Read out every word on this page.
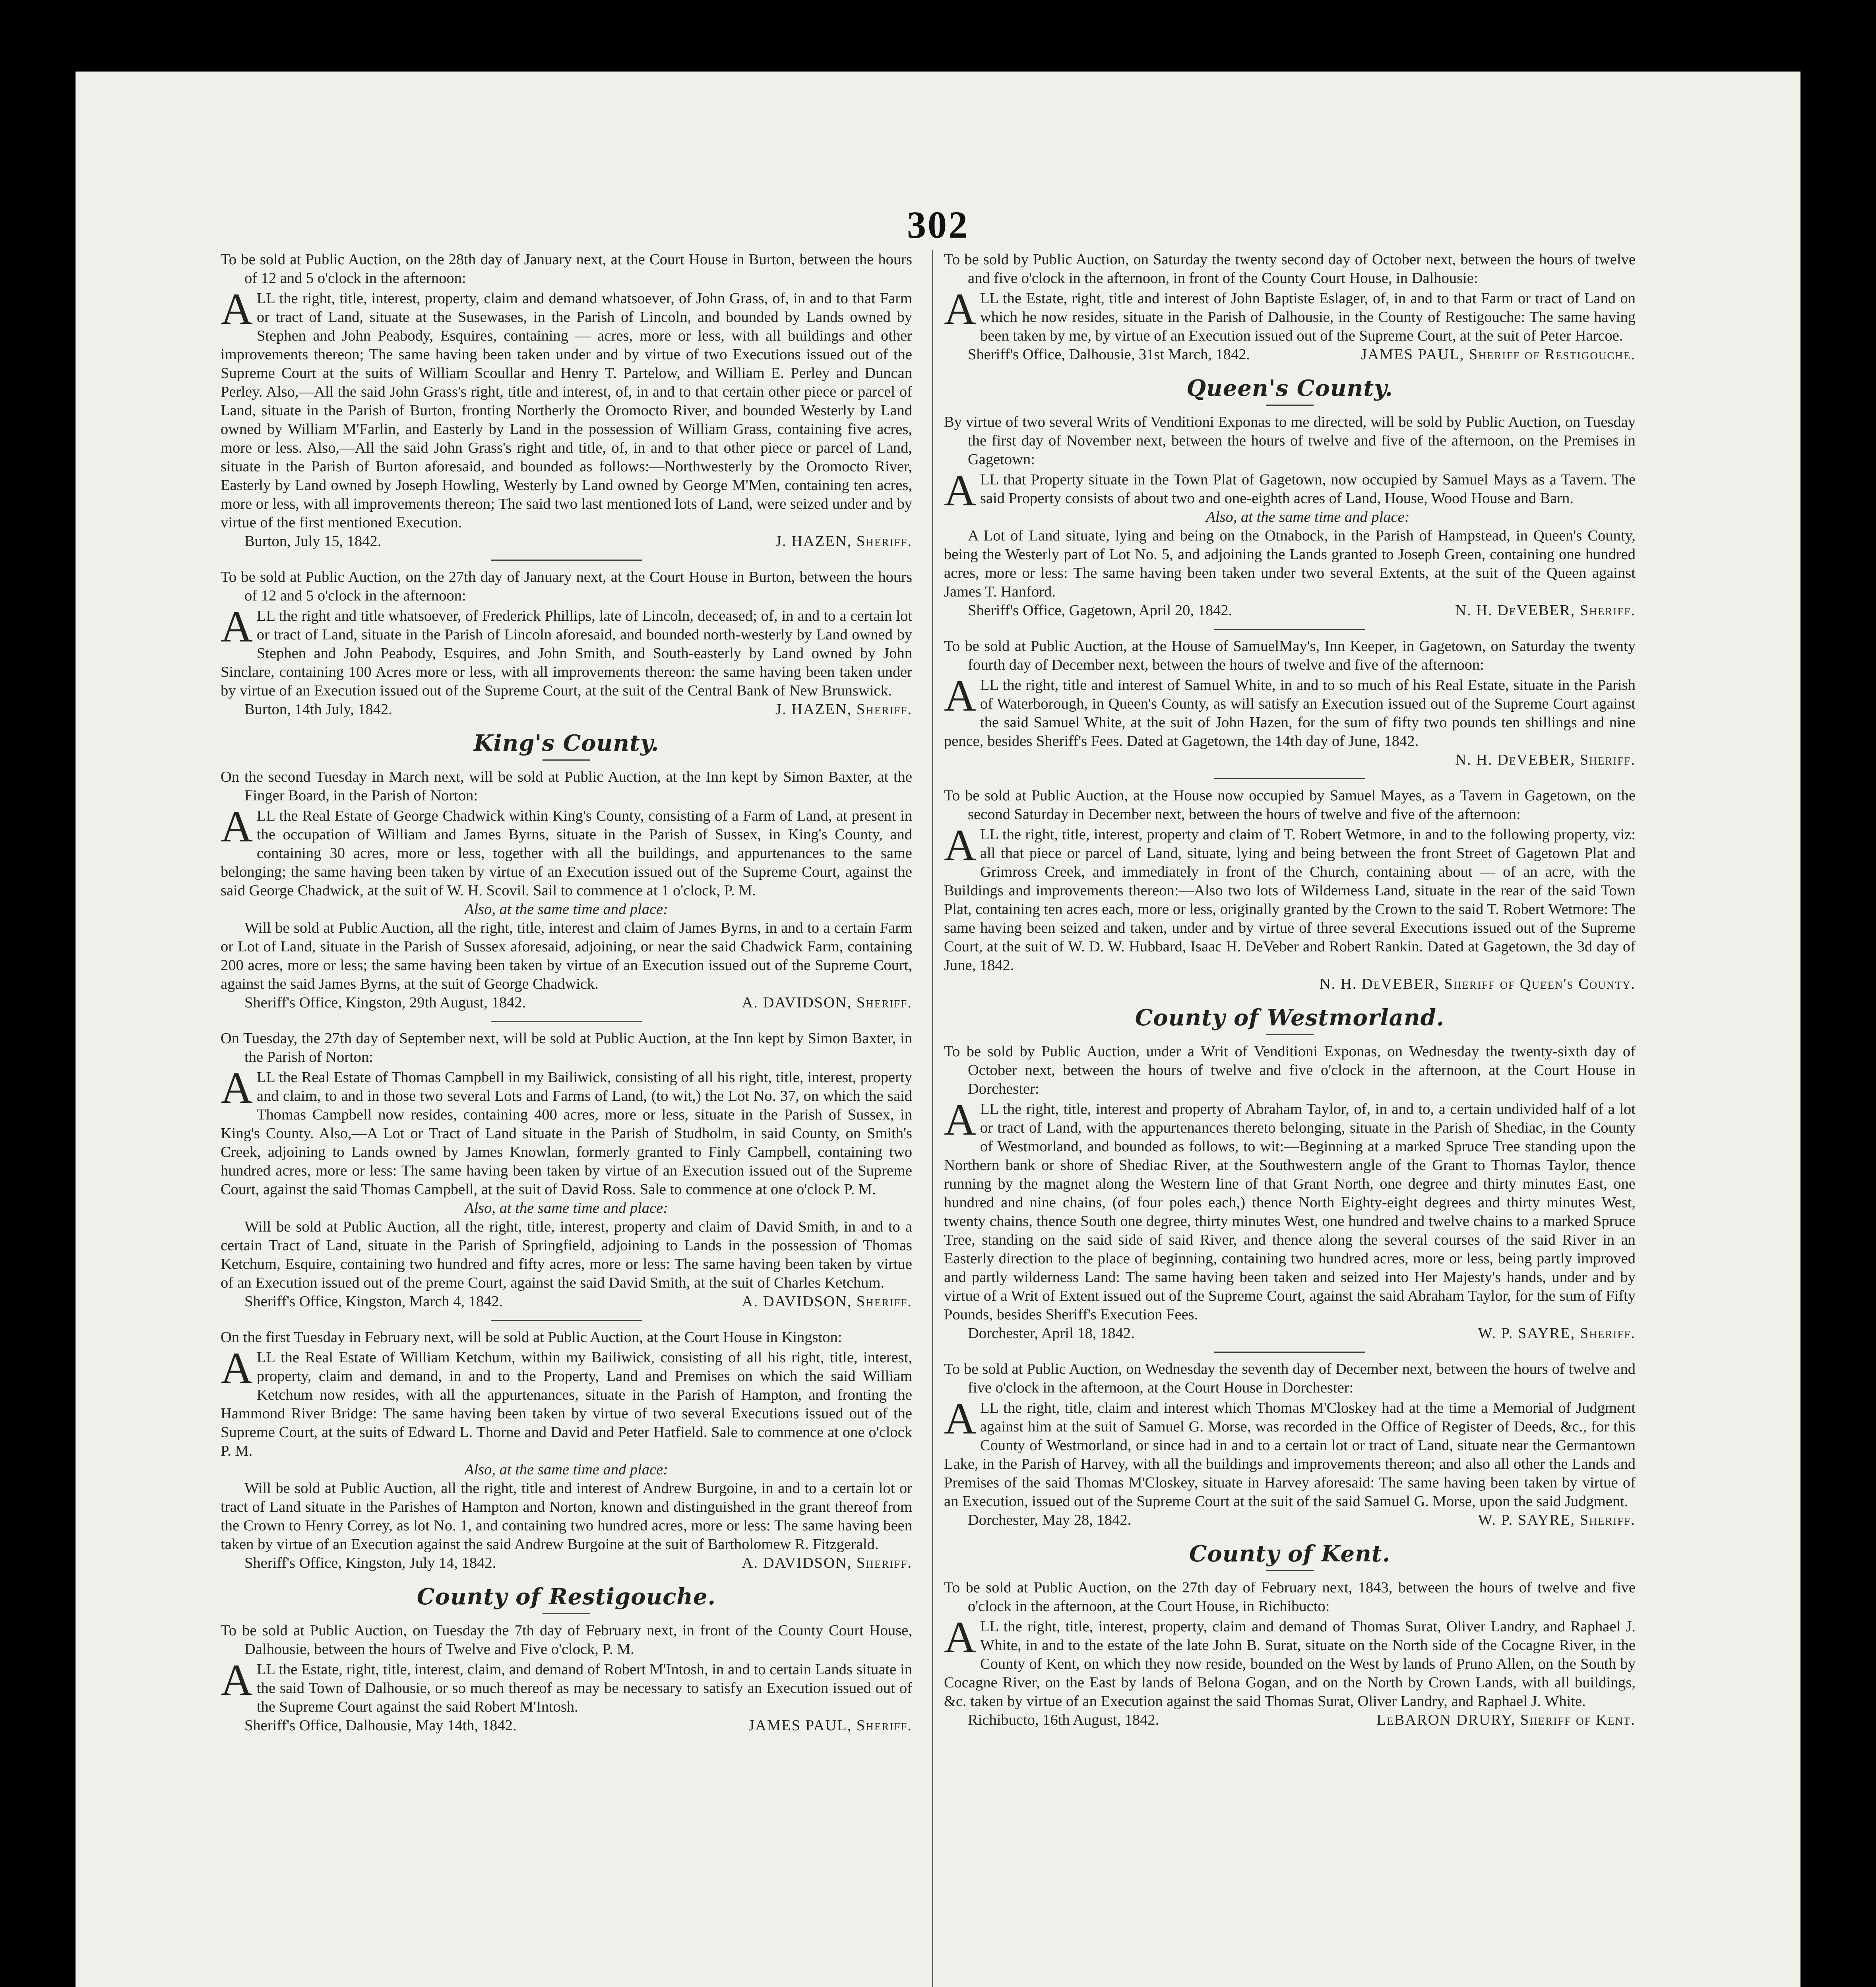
302

To be sold at Public Auction, on the 28th day of January next, at the Court House in Burton, between the hours of 12 and 5 o'clock in the afternoon:

ALL the right, title, interest, property, claim and demand whatsoever, of John Grass, of, in and to that Farm or tract of Land, situate at the Susewases, in the Parish of Lincoln, and bounded by Lands owned by Stephen and John Peabody, Esquires, containing — acres, more or less, with all buildings and other improvements thereon; The same having been taken under and by virtue of two Executions issued out of the Supreme Court at the suits of William Scoullar and Henry T. Partelow, and William E. Perley and Duncan Perley. Also,—All the said John Grass's right, title and interest, of, in and to that certain other piece or parcel of Land, situate in the Parish of Burton, fronting Northerly the Oromocto River, and bounded Westerly by Land owned by William M'Farlin, and Easterly by Land in the possession of William Grass, containing five acres, more or less. Also,—All the said John Grass's right and title, of, in and to that other piece or parcel of Land, situate in the Parish of Burton aforesaid, and bounded as follows:—Northwesterly by the Oromocto River, Easterly by Land owned by Joseph Howling, Westerly by Land owned by George M'Men, containing ten acres, more or less, with all improvements thereon; The said two last mentioned lots of Land, were seized under and by virtue of the first mentioned Execution.

Burton, July 15, 1842.	J. HAZEN, Sheriff.

To be sold at Public Auction, on the 27th day of January next, at the Court House in Burton, between the hours of 12 and 5 o'clock in the afternoon:

ALL the right and title whatsoever, of Frederick Phillips, late of Lincoln, deceased; of, in and to a certain lot or tract of Land, situate in the Parish of Lincoln aforesaid, and bounded north-westerly by Land owned by Stephen and John Peabody, Esquires, and John Smith, and South-easterly by Land owned by John Sinclare, containing 100 Acres more or less, with all improvements thereon: the same having been taken under by virtue of an Execution issued out of the Supreme Court, at the suit of the Central Bank of New Brunswick.

Burton, 14th July, 1842.	J. HAZEN, Sheriff.
King's County.

On the second Tuesday in March next, will be sold at Public Auction, at the Inn kept by Simon Baxter, at the Finger Board, in the Parish of Norton:

ALL the Real Estate of George Chadwick within King's County, consisting of a Farm of Land, at present in the occupation of William and James Byrns, situate in the Parish of Sussex, in King's County, and containing 30 acres, more or less, together with all the buildings, and appurtenances to the same belonging; the same having been taken by virtue of an Execution issued out of the Supreme Court, against the said George Chadwick, at the suit of W. H. Scovil. Sail to commence at 1 o'clock, P. M.

Also, at the same time and place:

Will be sold at Public Auction, all the right, title, interest and claim of James Byrns, in and to a certain Farm or Lot of Land, situate in the Parish of Sussex aforesaid, adjoining, or near the said Chadwick Farm, containing 200 acres, more or less; the same having been taken by virtue of an Execution issued out of the Supreme Court, against the said James Byrns, at the suit of George Chadwick.

Sheriff's Office, Kingston, 29th August, 1842.	A. DAVIDSON, Sheriff.

On Tuesday, the 27th day of September next, will be sold at Public Auction, at the Inn kept by Simon Baxter, in the Parish of Norton:

ALL the Real Estate of Thomas Campbell in my Bailiwick, consisting of all his right, title, interest, property and claim, to and in those two several Lots and Farms of Land, (to wit,) the Lot No. 37, on which the said Thomas Campbell now resides, containing 400 acres, more or less, situate in the Parish of Sussex, in King's County. Also,—A Lot or Tract of Land situate in the Parish of Studholm, in said County, on Smith's Creek, adjoining to Lands owned by James Knowlan, formerly granted to Finly Campbell, containing two hundred acres, more or less: The same having been taken by virtue of an Execution issued out of the Supreme Court, against the said Thomas Campbell, at the suit of David Ross. Sale to commence at one o'clock P. M.

Also, at the same time and place:

Will be sold at Public Auction, all the right, title, interest, property and claim of David Smith, in and to a certain Tract of Land, situate in the Parish of Springfield, adjoining to Lands in the possession of Thomas Ketchum, Esquire, containing two hundred and fifty acres, more or less: The same having been taken by virtue of an Execution issued out of the preme Court, against the said David Smith, at the suit of Charles Ketchum.

Sheriff's Office, Kingston, March 4, 1842.	A. DAVIDSON, Sheriff.

On the first Tuesday in February next, will be sold at Public Auction, at the Court House in Kingston:

ALL the Real Estate of William Ketchum, within my Bailiwick, consisting of all his right, title, interest, property, claim and demand, in and to the Property, Land and Premises on which the said William Ketchum now resides, with all the appurtenances, situate in the Parish of Hampton, and fronting the Hammond River Bridge: The same having been taken by virtue of two several Executions issued out of the Supreme Court, at the suits of Edward L. Thorne and David and Peter Hatfield. Sale to commence at one o'clock P. M.

Also, at the same time and place:

Will be sold at Public Auction, all the right, title and interest of Andrew Burgoine, in and to a certain lot or tract of Land situate in the Parishes of Hampton and Norton, known and distinguished in the grant thereof from the Crown to Henry Correy, as lot No. 1, and containing two hundred acres, more or less: The same having been taken by virtue of an Execution against the said Andrew Burgoine at the suit of Bartholomew R. Fitzgerald.

Sheriff's Office, Kingston, July 14, 1842.	A. DAVIDSON, Sheriff.
County of Restigouche.

To be sold at Public Auction, on Tuesday the 7th day of February next, in front of the County Court House, Dalhousie, between the hours of Twelve and Five o'clock, P. M.

ALL the Estate, right, title, interest, claim, and demand of Robert M'Intosh, in and to certain Lands situate in the said Town of Dalhousie, or so much thereof as may be necessary to satisfy an Execution issued out of the Supreme Court against the said Robert M'Intosh.

Sheriff's Office, Dalhousie, May 14th, 1842.	JAMES PAUL, Sheriff.

To be sold by Public Auction, on Saturday the twenty second day of October next, between the hours of twelve and five o'clock in the afternoon, in front of the County Court House, in Dalhousie:

ALL the Estate, right, title and interest of John Baptiste Eslager, of, in and to that Farm or tract of Land on which he now resides, situate in the Parish of Dalhousie, in the County of Restigouche: The same having been taken by me, by virtue of an Execution issued out of the Supreme Court, at the suit of Peter Harcoe.

Sheriff's Office, Dalhousie, 31st March, 1842.	JAMES PAUL, Sheriff of Restigouche.
Queen's County.

By virtue of two several Writs of Venditioni Exponas to me directed, will be sold by Public Auction, on Tuesday the first day of November next, between the hours of twelve and five of the afternoon, on the Premises in Gagetown:

ALL that Property situate in the Town Plat of Gagetown, now occupied by Samuel Mays as a Tavern. The said Property consists of about two and one-eighth acres of Land, House, Wood House and Barn.

Also, at the same time and place:

A Lot of Land situate, lying and being on the Otnabock, in the Parish of Hampstead, in Queen's County, being the Westerly part of Lot No. 5, and adjoining the Lands granted to Joseph Green, containing one hundred acres, more or less: The same having been taken under two several Extents, at the suit of the Queen against James T. Hanford.

Sheriff's Office, Gagetown, April 20, 1842.	N. H. DeVEBER, Sheriff.

To be sold at Public Auction, at the House of SamuelMay's, Inn Keeper, in Gagetown, on Saturday the twenty fourth day of December next, between the hours of twelve and five of the afternoon:

ALL the right, title and interest of Samuel White, in and to so much of his Real Estate, situate in the Parish of Waterborough, in Queen's County, as will satisfy an Execution issued out of the Supreme Court against the said Samuel White, at the suit of John Hazen, for the sum of fifty two pounds ten shillings and nine pence, besides Sheriff's Fees. Dated at Gagetown, the 14th day of June, 1842.

N. H. DeVEBER, Sheriff.

To be sold at Public Auction, at the House now occupied by Samuel Mayes, as a Tavern in Gagetown, on the second Saturday in December next, between the hours of twelve and five of the afternoon:

ALL the right, title, interest, property and claim of T. Robert Wetmore, in and to the following property, viz: all that piece or parcel of Land, situate, lying and being between the front Street of Gagetown Plat and Grimross Creek, and immediately in front of the Church, containing about — of an acre, with the Buildings and improvements thereon:—Also two lots of Wilderness Land, situate in the rear of the said Town Plat, containing ten acres each, more or less, originally granted by the Crown to the said T. Robert Wetmore: The same having been seized and taken, under and by virtue of three several Executions issued out of the Supreme Court, at the suit of W. D. W. Hubbard, Isaac H. DeVeber and Robert Rankin. Dated at Gagetown, the 3d day of June, 1842.

N. H. DeVEBER, Sheriff of Queen's County.

County of Westmorland.

To be sold by Public Auction, under a Writ of Venditioni Exponas, on Wednesday the twenty-sixth day of October next, between the hours of twelve and five o'clock in the afternoon, at the Court House in Dorchester:

ALL the right, title, interest and property of Abraham Taylor, of, in and to, a certain undivided half of a lot or tract of Land, with the appurtenances thereto belonging, situate in the Parish of Shediac, in the County of Westmorland, and bounded as follows, to wit:—Beginning at a marked Spruce Tree standing upon the Northern bank or shore of Shediac River, at the Southwestern angle of the Grant to Thomas Taylor, thence running by the magnet along the Western line of that Grant North, one degree and thirty minutes East, one hundred and nine chains, (of four poles each,) thence North Eighty-eight degrees and thirty minutes West, twenty chains, thence South one degree, thirty minutes West, one hundred and twelve chains to a marked Spruce Tree, standing on the said side of said River, and thence along the several courses of the said River in an Easterly direction to the place of beginning, containing two hundred acres, more or less, being partly improved and partly wilderness Land: The same having been taken and seized into Her Majesty's hands, under and by virtue of a Writ of Extent issued out of the Supreme Court, against the said Abraham Taylor, for the sum of Fifty Pounds, besides Sheriff's Execution Fees.

Dorchester, April 18, 1842.	W. P. SAYRE, Sheriff.

To be sold at Public Auction, on Wednesday the seventh day of December next, between the hours of twelve and five o'clock in the afternoon, at the Court House in Dorchester:

ALL the right, title, claim and interest which Thomas M'Closkey had at the time a Memorial of Judgment against him at the suit of Samuel G. Morse, was recorded in the Office of Register of Deeds, &c., for this County of Westmorland, or since had in and to a certain lot or tract of Land, situate near the Germantown Lake, in the Parish of Harvey, with all the buildings and improvements thereon; and also all other the Lands and Premises of the said Thomas M'Closkey, situate in Harvey aforesaid: The same having been taken by virtue of an Execution, issued out of the Supreme Court at the suit of the said Samuel G. Morse, upon the said Judgment.

Dorchester, May 28, 1842.	W. P. SAYRE, Sheriff.
County of Kent.

To be sold at Public Auction, on the 27th day of February next, 1843, between the hours of twelve and five o'clock in the afternoon, at the Court House, in Richibucto:

ALL the right, title, interest, property, claim and demand of Thomas Surat, Oliver Landry, and Raphael J. White, in and to the estate of the late John B. Surat, situate on the North side of the Cocagne River, in the County of Kent, on which they now reside, bounded on the West by lands of Pruno Allen, on the South by Cocagne River, on the East by lands of Belona Gogan, and on the North by Crown Lands, with all buildings, &c. taken by virtue of an Execution against the said Thomas Surat, Oliver Landry, and Raphael J. White.

Richibucto, 16th August, 1842.	LeBARON DRURY, Sheriff of Kent.
